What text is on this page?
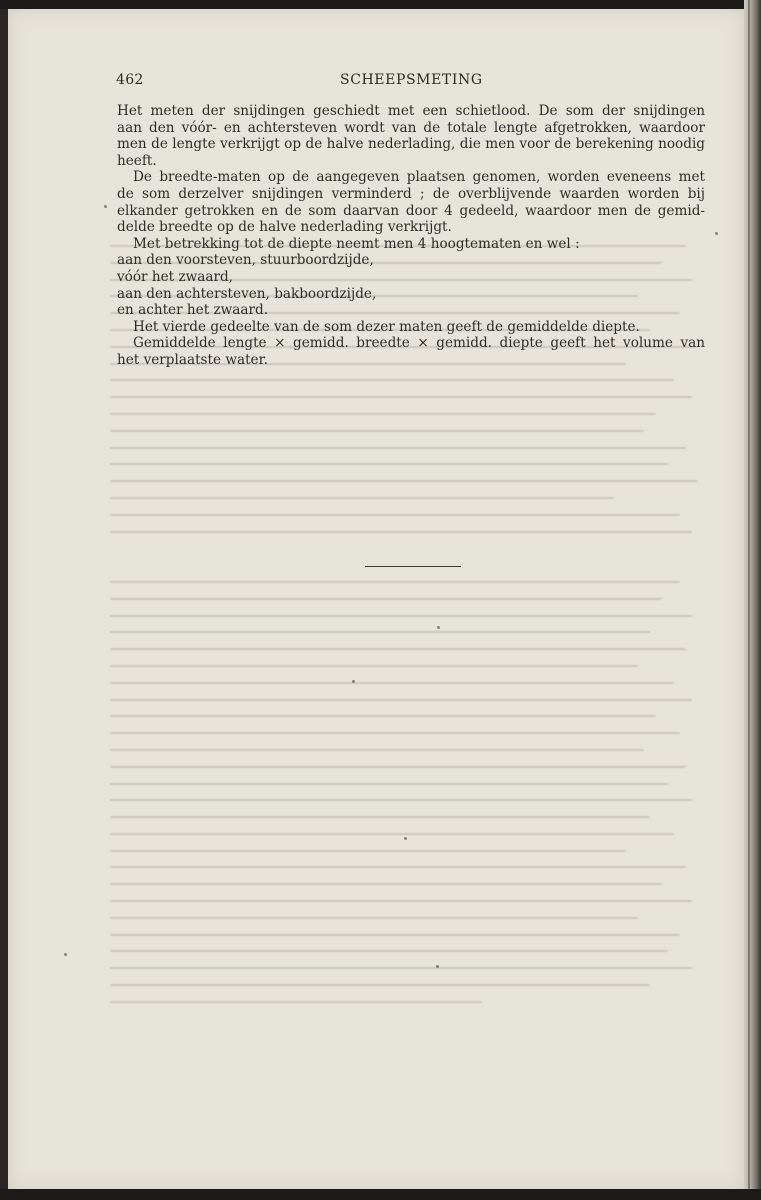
462	SCHEEPSMETING
Het meten der snijdingen geschiedt met een schietlood. De som der snijdingen
aan den vóór- en achtersteven wordt van de totale lengte afgetrokken, waardoor
men de lengte verkrijgt op de halve nederlading, die men voor de berekening noodig
heeft.
De breedte-maten op de aangegeven plaatsen genomen, worden eveneens met
de som derzelver snijdingen verminderd ; de overblijvende waarden worden bij
elkander getrokken en de som daarvan door 4 gedeeld, waardoor men de gemid-
delde breedte op de halve nederlading verkrijgt.
Met betrekking tot de diepte neemt men 4 hoogtematen en wel :
aan den voorsteven, stuurboordzijde,
vóór het zwaard,
aan den achtersteven, bakboordzijde,
en achter het zwaard.
Het vierde gedeelte van de som dezer maten geeft de gemiddelde diepte.
Gemiddelde lengte × gemidd. breedte × gemidd. diepte geeft het volume van
het verplaatste water.
